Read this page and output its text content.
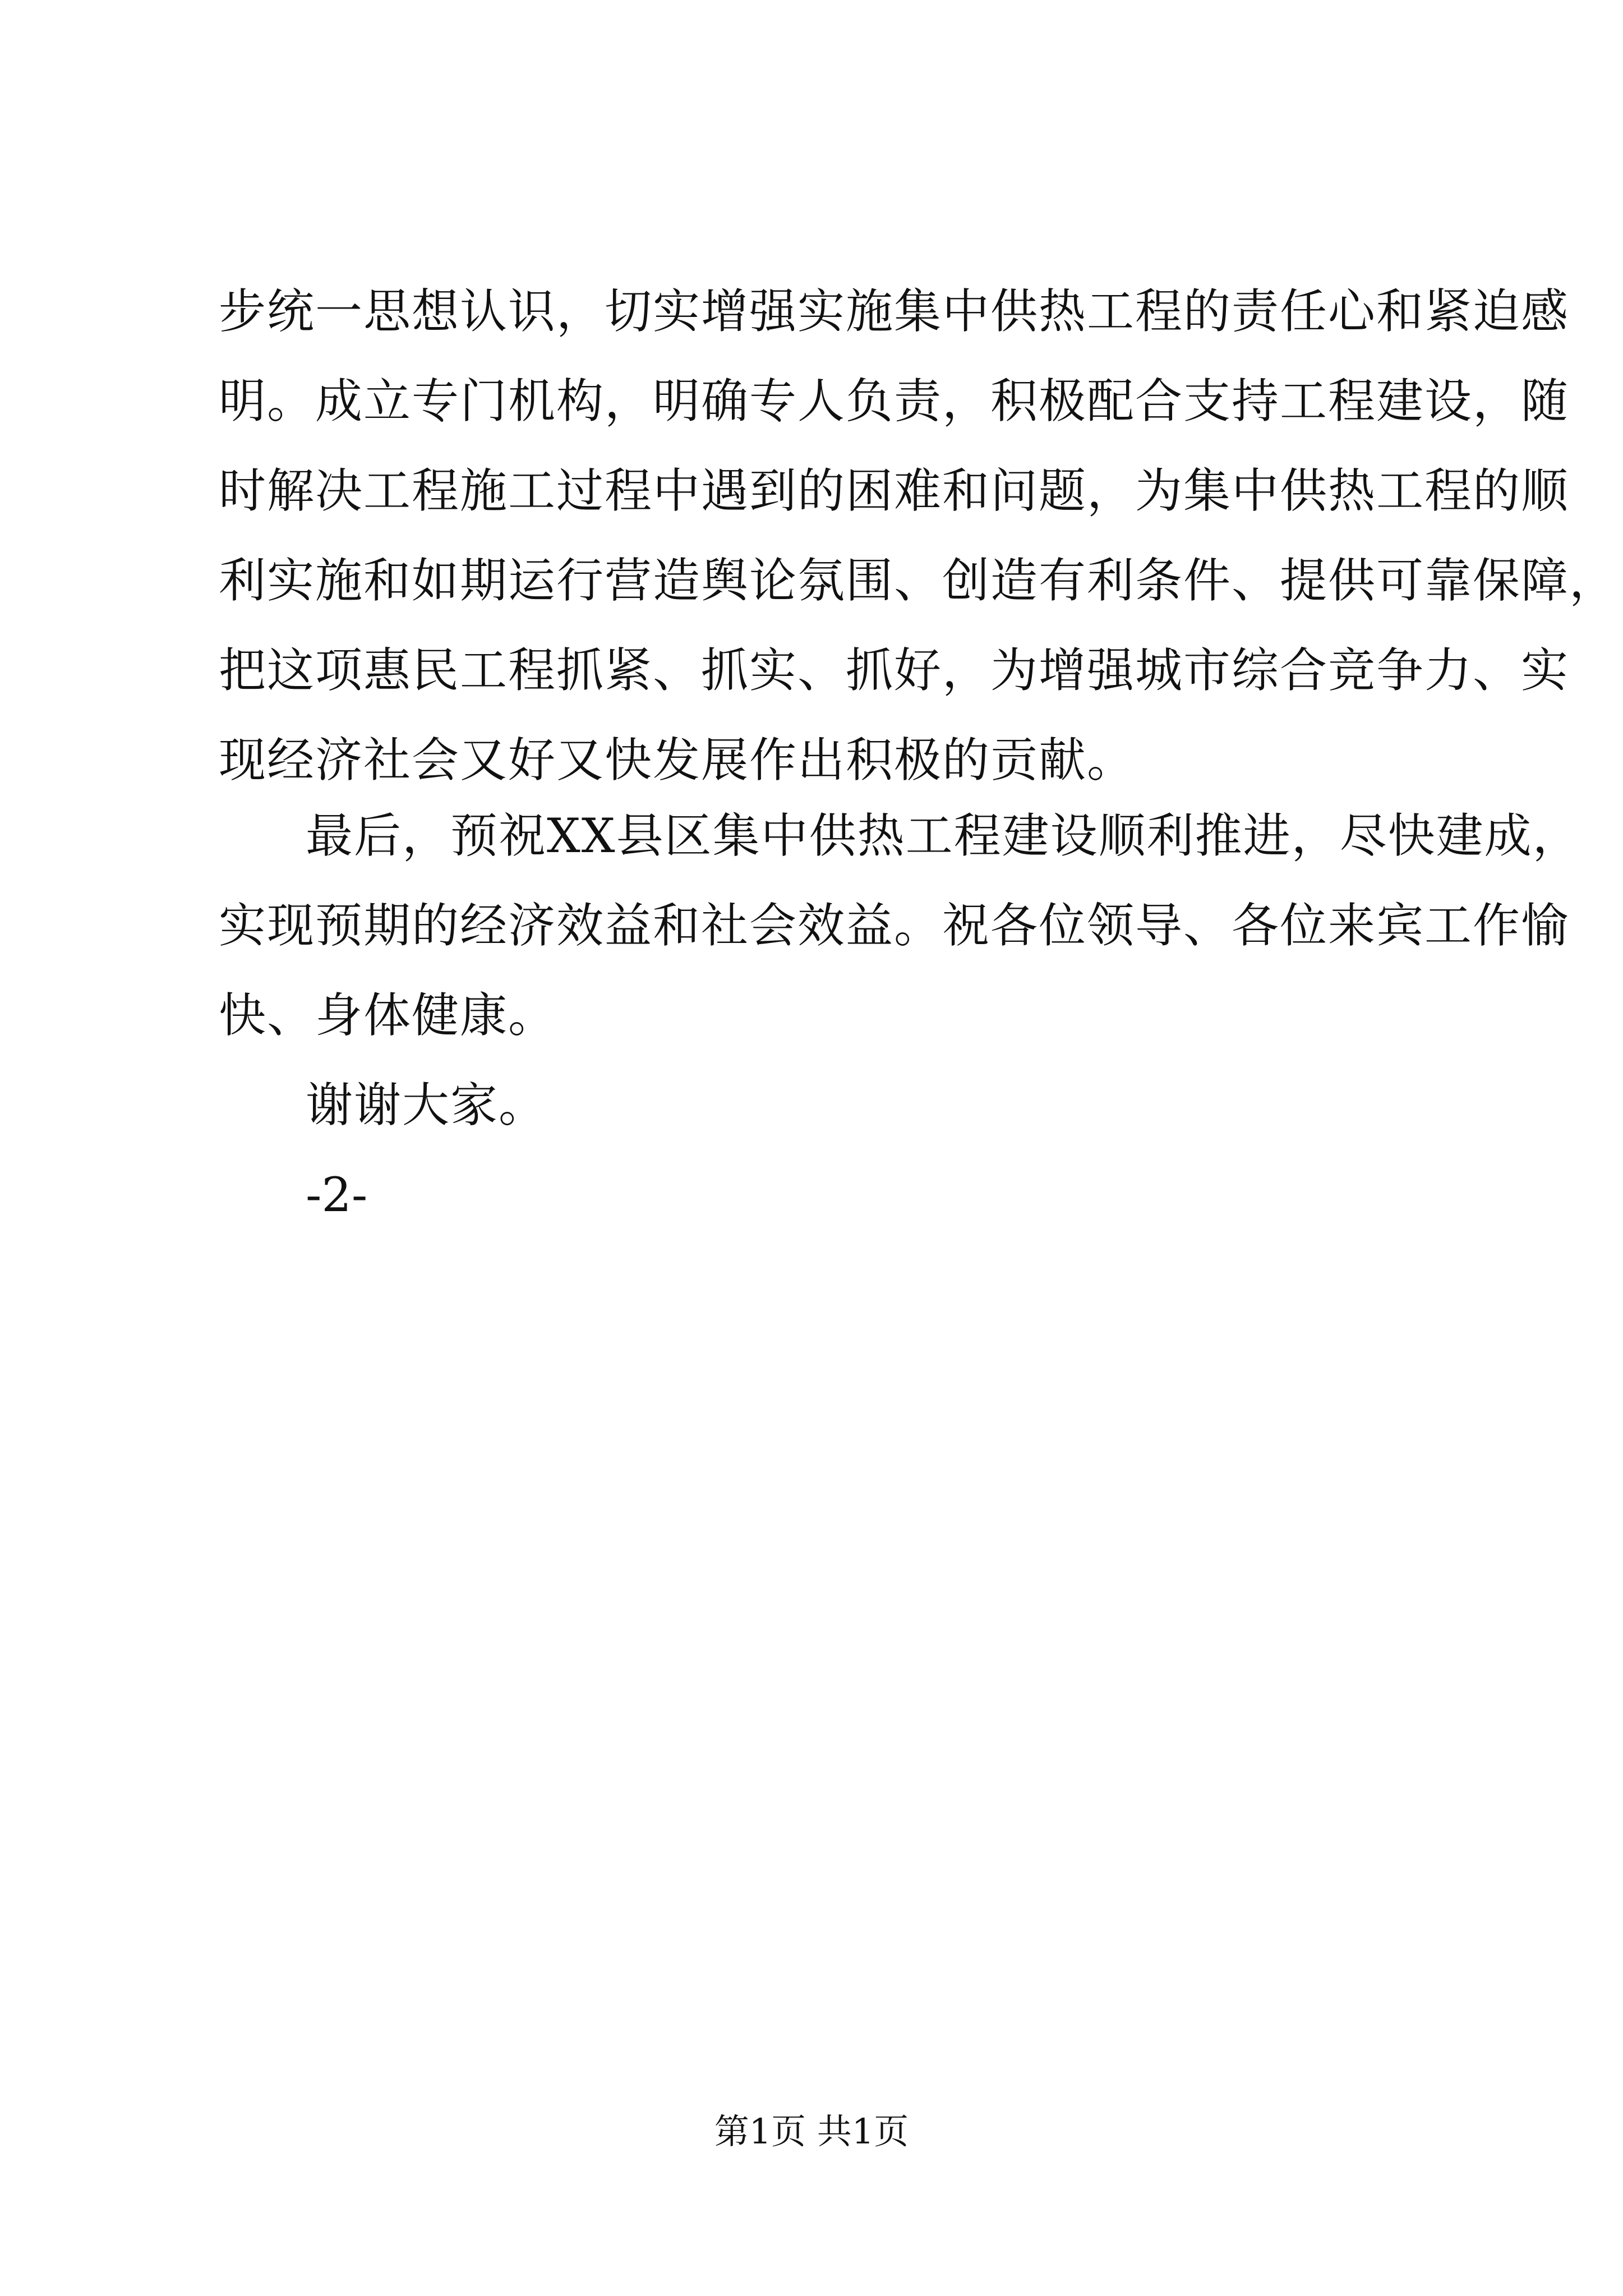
步统一思想认识，切实增强实施集中供热工程的责任心和紧迫感
明。成立专门机构，明确专人负责，积极配合支持工程建设，随
时解决工程施工过程中遇到的困难和问题，为集中供热工程的顺
利实施和如期运行营造舆论氛围、创造有利条件、提供可靠保障，
把这项惠民工程抓紧、抓实、抓好，为增强城市综合竞争力、实
现经济社会又好又快发展作出积极的贡献。
最后，预祝XX县区集中供热工程建设顺利推进，尽快建成，
实现预期的经济效益和社会效益。祝各位领导、各位来宾工作愉
快、身体健康。
谢谢大家。
-2-
第1页 共1页
